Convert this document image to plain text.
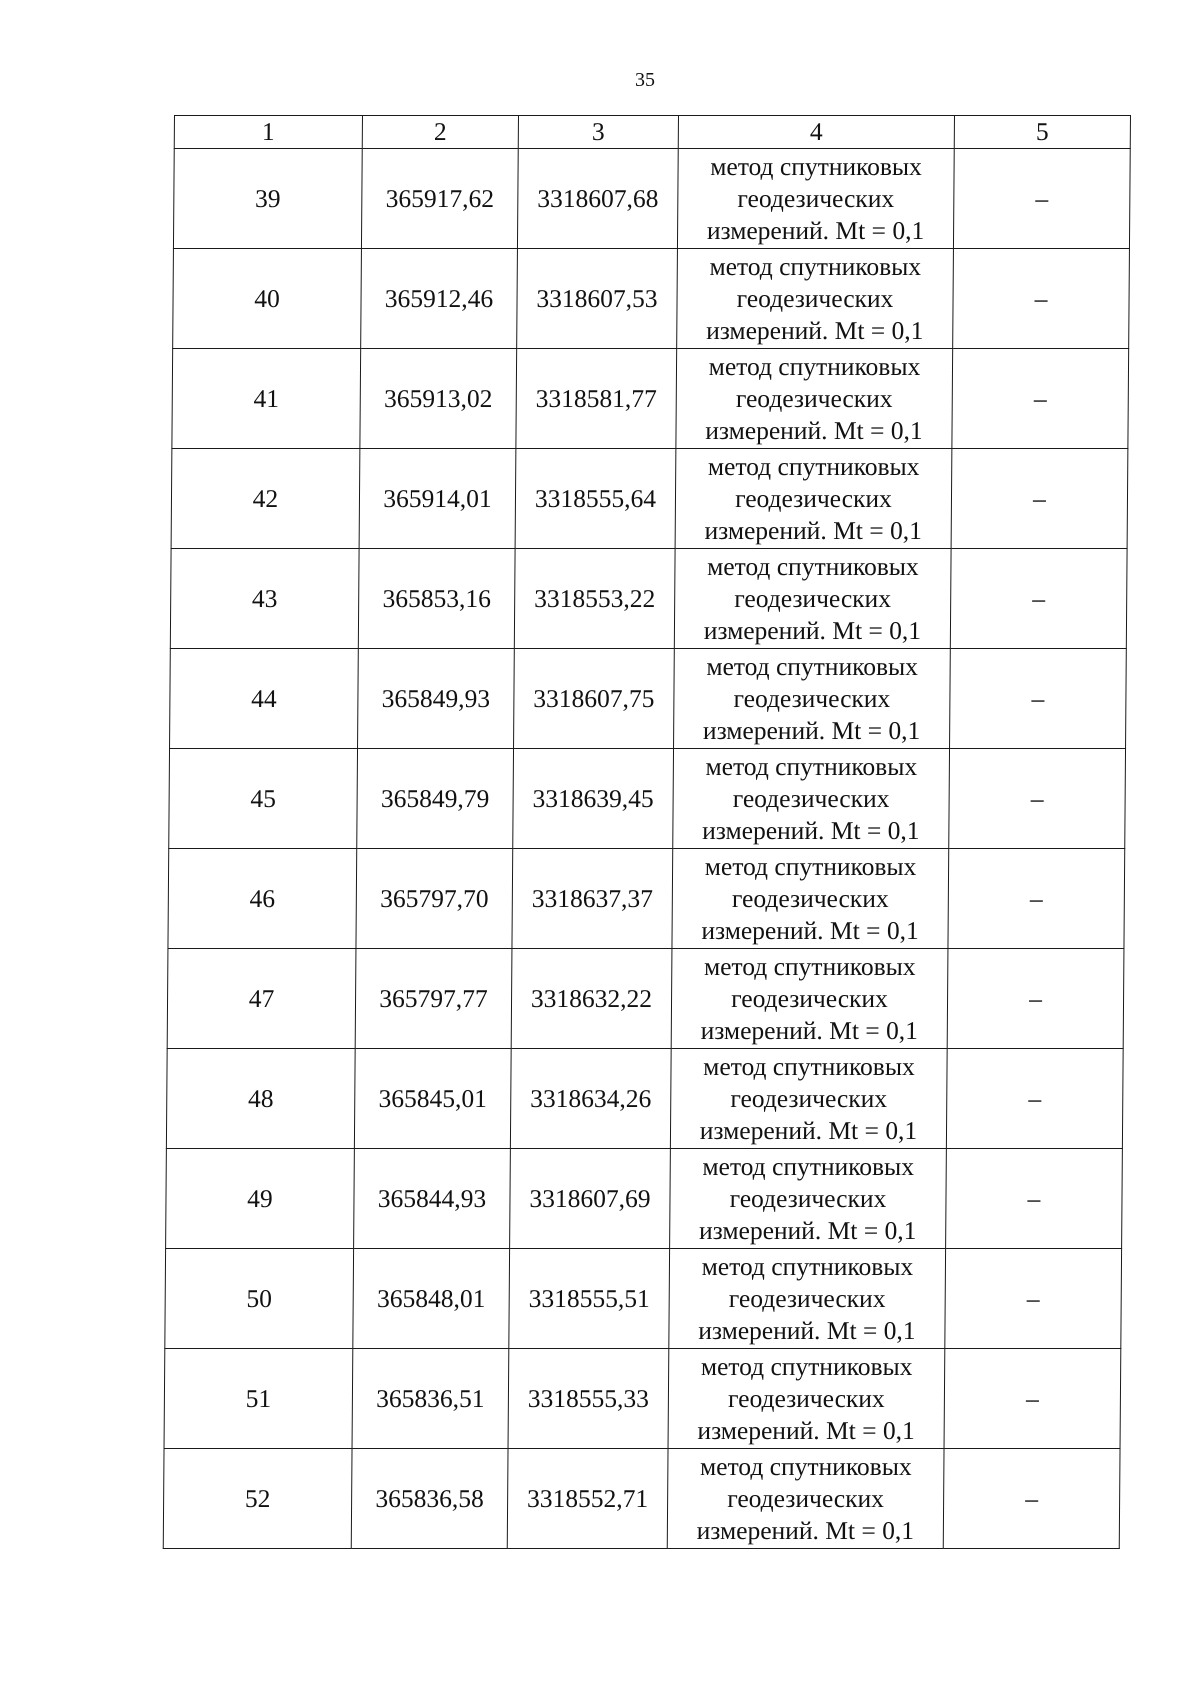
35
1	2	3	4	5
39	365917,62	3318607,68	метод спутниковых
геодезических
измерений. Mt = 0,1	–
40	365912,46	3318607,53	метод спутниковых
геодезических
измерений. Mt = 0,1	–
41	365913,02	3318581,77	метод спутниковых
геодезических
измерений. Mt = 0,1	–
42	365914,01	3318555,64	метод спутниковых
геодезических
измерений. Mt = 0,1	–
43	365853,16	3318553,22	метод спутниковых
геодезических
измерений. Mt = 0,1	–
44	365849,93	3318607,75	метод спутниковых
геодезических
измерений. Mt = 0,1	–
45	365849,79	3318639,45	метод спутниковых
геодезических
измерений. Mt = 0,1	–
46	365797,70	3318637,37	метод спутниковых
геодезических
измерений. Mt = 0,1	–
47	365797,77	3318632,22	метод спутниковых
геодезических
измерений. Mt = 0,1	–
48	365845,01	3318634,26	метод спутниковых
геодезических
измерений. Mt = 0,1	–
49	365844,93	3318607,69	метод спутниковых
геодезических
измерений. Mt = 0,1	–
50	365848,01	3318555,51	метод спутниковых
геодезических
измерений. Mt = 0,1	–
51	365836,51	3318555,33	метод спутниковых
геодезических
измерений. Mt = 0,1	–
52	365836,58	3318552,71	метод спутниковых
геодезических
измерений. Mt = 0,1	–
